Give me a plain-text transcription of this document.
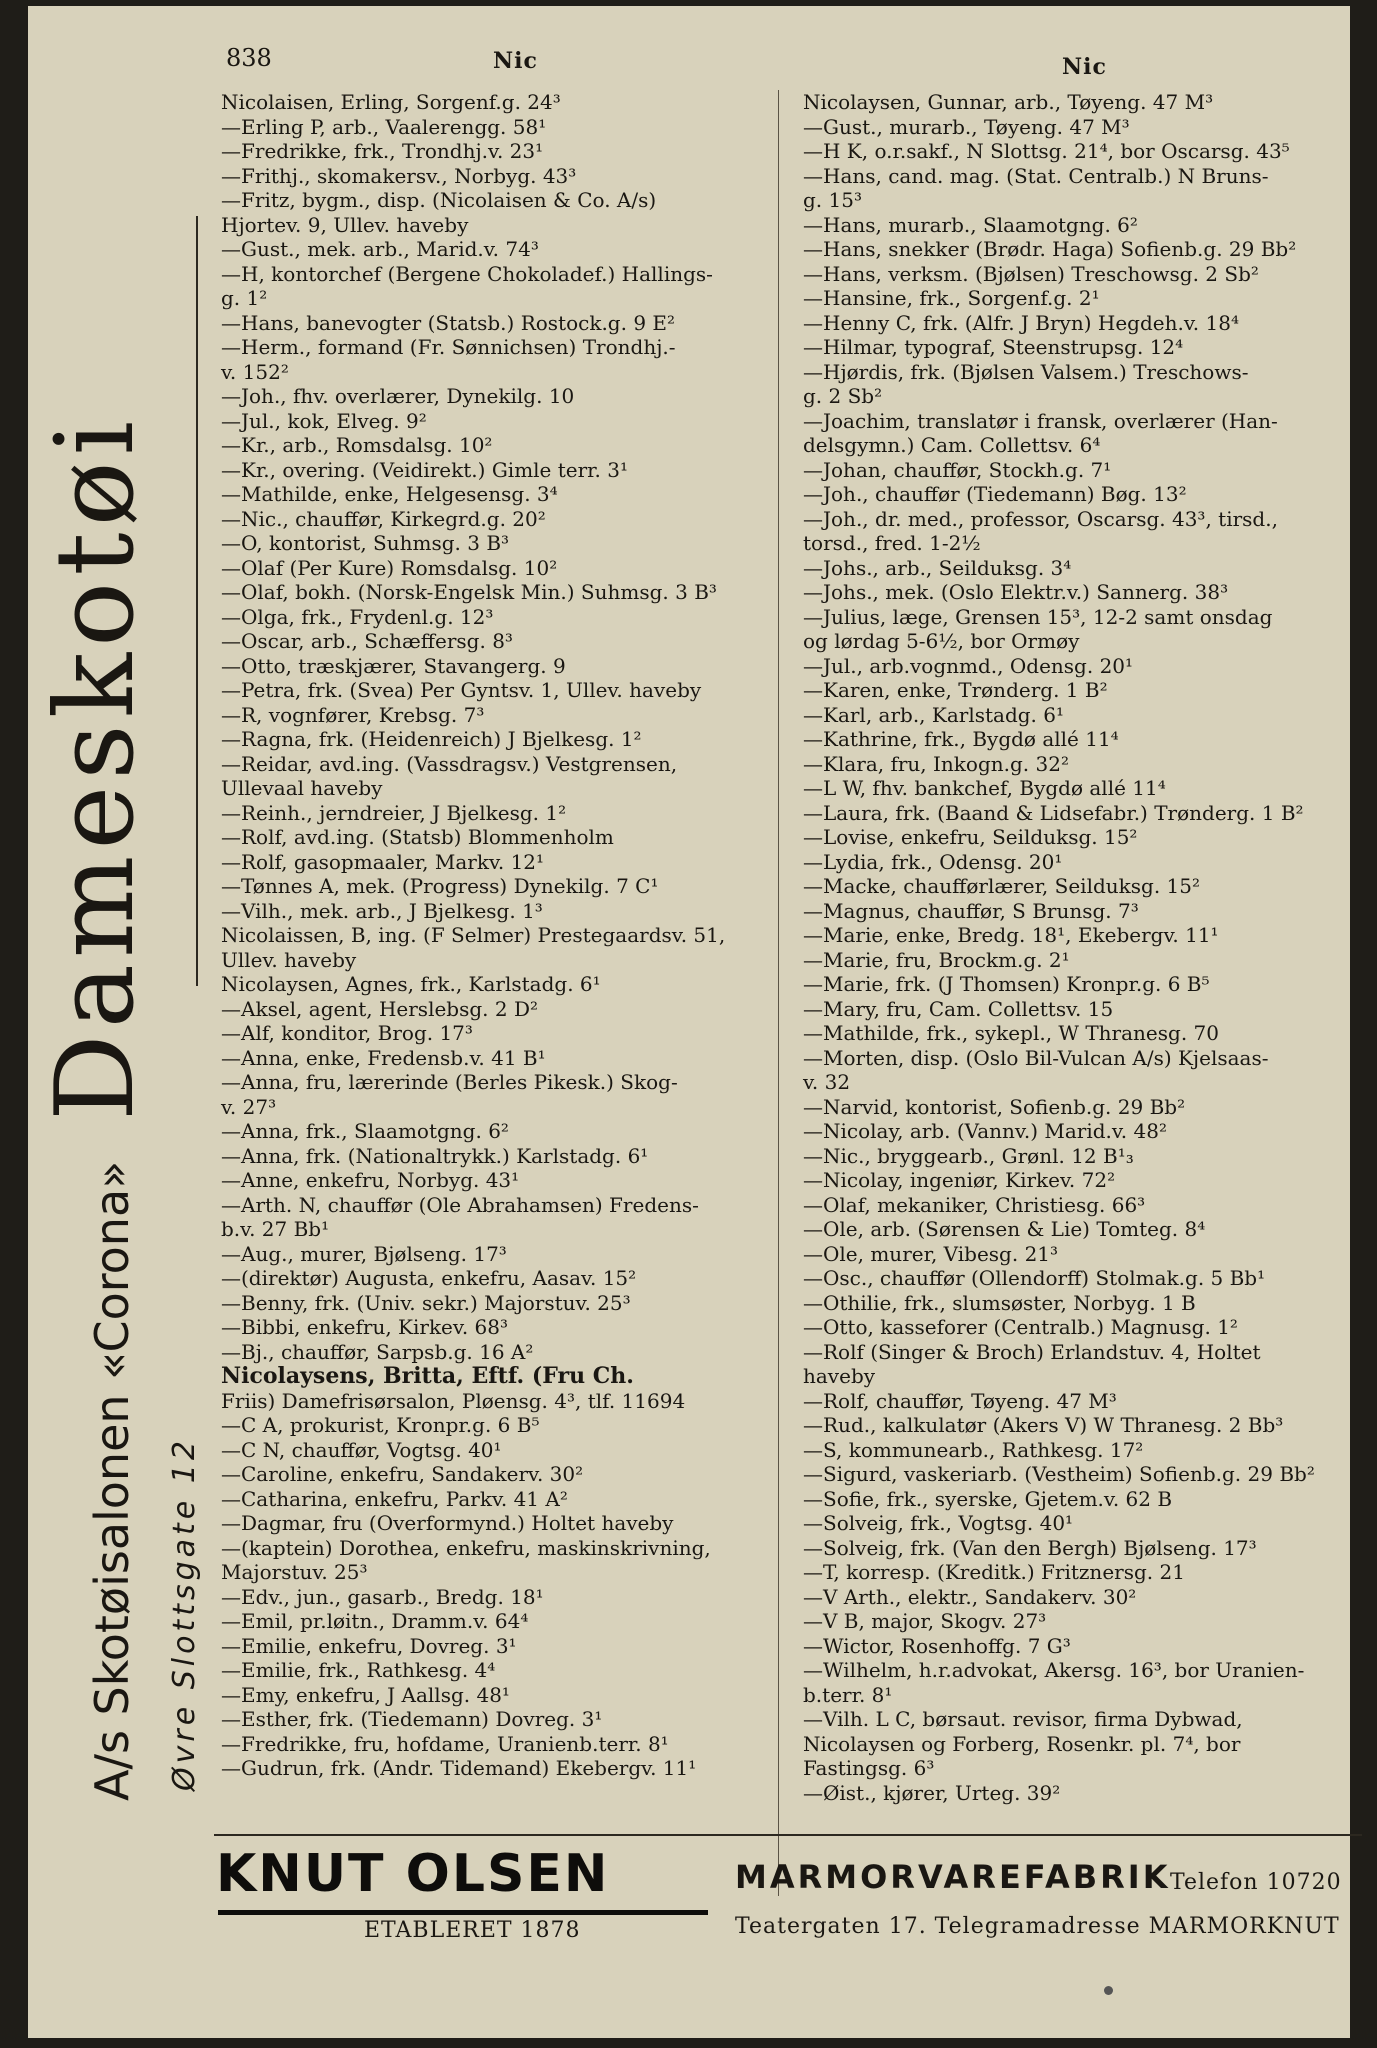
838	Nic	Nic
Dameskotøi
A/s Skotøisalonen «Corona» Øvre Slottsgate 12
Nicolaisen, Erling, Sorgenf.g. 24³
—Erling P, arb., Vaalerengg. 58¹
—Fredrikke, frk., Trondhj.v. 23¹
—Frithj., skomakersv., Norbyg. 43³
—Fritz, bygm., disp. (Nicolaisen & Co. A/s)
Hjortev. 9, Ullev. haveby
—Gust., mek. arb., Marid.v. 74³
—H, kontorchef (Bergene Chokoladef.) Hallings-
g. 1²
—Hans, banevogter (Statsb.) Rostock.g. 9 E²
—Herm., formand (Fr. Sønnichsen) Trondhj.-
v. 152²
—Joh., fhv. overlærer, Dynekilg. 10
—Jul., kok, Elveg. 9²
—Kr., arb., Romsdalsg. 10²
—Kr., overing. (Veidirekt.) Gimle terr. 3¹
—Mathilde, enke, Helgesensg. 3⁴
—Nic., chauffør, Kirkegrd.g. 20²
—O, kontorist, Suhmsg. 3 B³
—Olaf (Per Kure) Romsdalsg. 10²
—Olaf, bokh. (Norsk-Engelsk Min.) Suhmsg. 3 B³
—Olga, frk., Frydenl.g. 12³
—Oscar, arb., Schæffersg. 8³
—Otto, træskjærer, Stavangerg. 9
—Petra, frk. (Svea) Per Gyntsv. 1, Ullev. haveby
—R, vognfører, Krebsg. 7³
—Ragna, frk. (Heidenreich) J Bjelkesg. 1²
—Reidar, avd.ing. (Vassdragsv.) Vestgrensen,
Ullevaal haveby
—Reinh., jerndreier, J Bjelkesg. 1²
—Rolf, avd.ing. (Statsb) Blommenholm
—Rolf, gasopmaaler, Markv. 12¹
—Tønnes A, mek. (Progress) Dynekilg. 7 C¹
—Vilh., mek. arb., J Bjelkesg. 1³
Nicolaissen, B, ing. (F Selmer) Prestegaardsv. 51,
Ullev. haveby
Nicolaysen, Agnes, frk., Karlstadg. 6¹
—Aksel, agent, Herslebsg. 2 D²
—Alf, konditor, Brog. 17³
—Anna, enke, Fredensb.v. 41 B¹
—Anna, fru, lærerinde (Berles Pikesk.) Skog-
v. 27³
—Anna, frk., Slaamotgng. 6²
—Anna, frk. (Nationaltrykk.) Karlstadg. 6¹
—Anne, enkefru, Norbyg. 43¹
—Arth. N, chauffør (Ole Abrahamsen) Fredens-
b.v. 27 Bb¹
—Aug., murer, Bjølseng. 17³
—(direktør) Augusta, enkefru, Aasav. 15²
—Benny, frk. (Univ. sekr.) Majorstuv. 25³
—Bibbi, enkefru, Kirkev. 68³
—Bj., chauffør, Sarpsb.g. 16 A²
Nicolaysens, Britta, Eftf. (Fru Ch.
Friis) Damefrisørsalon, Pløensg. 4³, tlf. 11694
—C A, prokurist, Kronpr.g. 6 B⁵
—C N, chauffør, Vogtsg. 40¹
—Caroline, enkefru, Sandakerv. 30²
—Catharina, enkefru, Parkv. 41 A²
—Dagmar, fru (Overformynd.) Holtet haveby
—(kaptein) Dorothea, enkefru, maskinskrivning,
Majorstuv. 25³
—Edv., jun., gasarb., Bredg. 18¹
—Emil, pr.løitn., Dramm.v. 64⁴
—Emilie, enkefru, Dovreg. 3¹
—Emilie, frk., Rathkesg. 4⁴
—Emy, enkefru, J Aallsg. 48¹
—Esther, frk. (Tiedemann) Dovreg. 3¹
—Fredrikke, fru, hofdame, Uranienb.terr. 8¹
—Gudrun, frk. (Andr. Tidemand) Ekebergv. 11¹
Nicolaysen, Gunnar, arb., Tøyeng. 47 M³
—Gust., murarb., Tøyeng. 47 M³
—H K, o.r.sakf., N Slottsg. 21⁴, bor Oscarsg. 43⁵
—Hans, cand. mag. (Stat. Centralb.) N Bruns-
g. 15³
—Hans, murarb., Slaamotgng. 6²
—Hans, snekker (Brødr. Haga) Sofienb.g. 29 Bb²
—Hans, verksm. (Bjølsen) Treschowsg. 2 Sb²
—Hansine, frk., Sorgenf.g. 2¹
—Henny C, frk. (Alfr. J Bryn) Hegdeh.v. 18⁴
—Hilmar, typograf, Steenstrupsg. 12⁴
—Hjørdis, frk. (Bjølsen Valsem.) Treschows-
g. 2 Sb²
—Joachim, translatør i fransk, overlærer (Han-
delsgymn.) Cam. Collettsv. 6⁴
—Johan, chauffør, Stockh.g. 7¹
—Joh., chauffør (Tiedemann) Bøg. 13²
—Joh., dr. med., professor, Oscarsg. 43³, tirsd.,
torsd., fred. 1-2½
—Johs., arb., Seilduksg. 3⁴
—Johs., mek. (Oslo Elektr.v.) Sannerg. 38³
—Julius, læge, Grensen 15³, 12-2 samt onsdag
og lørdag 5-6½, bor Ormøy
—Jul., arb.vognmd., Odensg. 20¹
—Karen, enke, Trønderg. 1 B²
—Karl, arb., Karlstadg. 6¹
—Kathrine, frk., Bygdø allé 11⁴
—Klara, fru, Inkogn.g. 32²
—L W, fhv. bankchef, Bygdø allé 11⁴
—Laura, frk. (Baand & Lidsefabr.) Trønderg. 1 B²
—Lovise, enkefru, Seilduksg. 15²
—Lydia, frk., Odensg. 20¹
—Macke, chaufførlærer, Seilduksg. 15²
—Magnus, chauffør, S Brunsg. 7³
—Marie, enke, Bredg. 18¹, Ekebergv. 11¹
—Marie, fru, Brockm.g. 2¹
—Marie, frk. (J Thomsen) Kronpr.g. 6 B⁵
—Mary, fru, Cam. Collettsv. 15
—Mathilde, frk., sykepl., W Thranesg. 70
—Morten, disp. (Oslo Bil-Vulcan A/s) Kjelsaas-
v. 32
—Narvid, kontorist, Sofienb.g. 29 Bb²
—Nicolay, arb. (Vannv.) Marid.v. 48²
—Nic., bryggearb., Grønl. 12 B¹₃
—Nicolay, ingeniør, Kirkev. 72²
—Olaf, mekaniker, Christiesg. 66³
—Ole, arb. (Sørensen & Lie) Tomteg. 8⁴
—Ole, murer, Vibesg. 21³
—Osc., chauffør (Ollendorff) Stolmak.g. 5 Bb¹
—Othilie, frk., slumsøster, Norbyg. 1 B
—Otto, kasseforer (Centralb.) Magnusg. 1²
—Rolf (Singer & Broch) Erlandstuv. 4, Holtet
haveby
—Rolf, chauffør, Tøyeng. 47 M³
—Rud., kalkulatør (Akers V) W Thranesg. 2 Bb³
—S, kommunearb., Rathkesg. 17²
—Sigurd, vaskeriarb. (Vestheim) Sofienb.g. 29 Bb²
—Sofie, frk., syerske, Gjetem.v. 62 B
—Solveig, frk., Vogtsg. 40¹
—Solveig, frk. (Van den Bergh) Bjølseng. 17³
—T, korresp. (Kreditk.) Fritznersg. 21
—V Arth., elektr., Sandakerv. 30²
—V B, major, Skogv. 27³
—Wictor, Rosenhoffg. 7 G³
—Wilhelm, h.r.advokat, Akersg. 16³, bor Uranien-
b.terr. 8¹
—Vilh. L C, børsaut. revisor, firma Dybwad,
Nicolaysen og Forberg, Rosenkr. pl. 7⁴, bor
Fastingsg. 6³
—Øist., kjører, Urteg. 39²
KNUT OLSEN
ETABLERET 1878
MARMORVAREFABRIK Telefon 10720
Teatergaten 17. Telegramadresse MARMORKNUT
